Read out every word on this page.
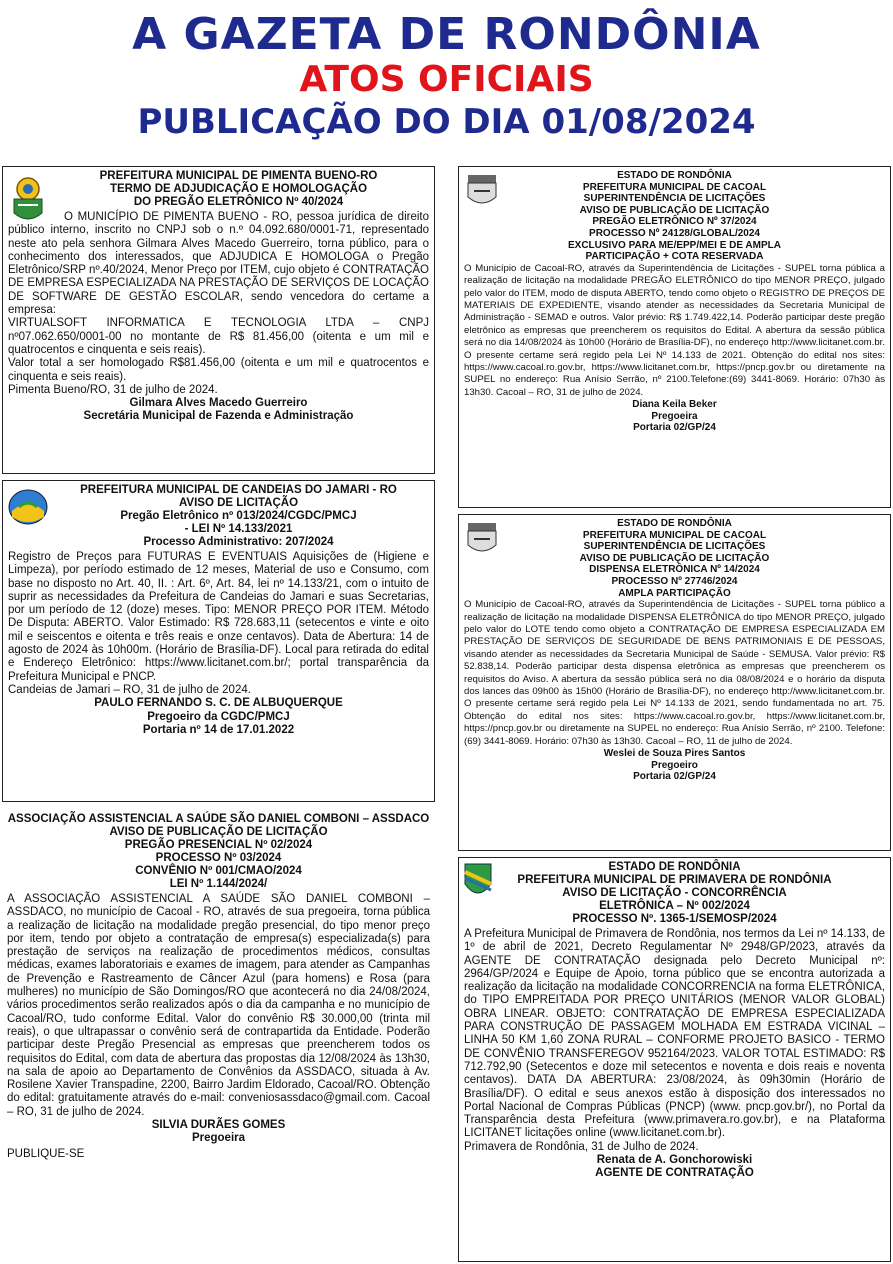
A GAZETA DE RONDÔNIA
ATOS OFICIAIS
PUBLICAÇÃO DO DIA 01/08/2024
PREFEITURA MUNICIPAL DE PIMENTA BUENO-RO
TERMO DE ADJUDICAÇÃO E HOMOLOGAÇÃO
DO PREGÃO ELETRÔNICO Nº 40/2024

O MUNICÍPIO DE PIMENTA BUENO - RO, pessoa jurídica de direito público interno, inscrito no CNPJ sob o n.º 04.092.680/0001-71, representado neste ato pela senhora Gilmara Alves Macedo Guerreiro, torna público, para o conhecimento dos interessados, que ADJUDICA E HOMOLOGA o Pregão Eletrônico/SRP nº.40/2024, Menor Preço por ITEM, cujo objeto é CONTRATAÇÃO DE EMPRESA ESPECIALIZADA NA PRESTAÇÃO DE SERVIÇOS DE LOCAÇÃO DE SOFTWARE DE GESTÃO ESCOLAR, sendo vencedora do certame a empresa:

VIRTUALSOFT INFORMATICA E TECNOLOGIA LTDA – CNPJ nº07.062.650/0001-00 no montante de R$ 81.456,00 (oitenta e um mil e quatrocentos e cinquenta e seis reais).

Valor total a ser homologado R$81.456,00 (oitenta e um mil e quatrocentos e cinquenta e seis reais).

Pimenta Bueno/RO, 31 de julho de 2024.

Gilmara Alves Macedo Guerreiro
Secretária Municipal de Fazenda e Administração
PREFEITURA MUNICIPAL DE CANDEIAS DO JAMARI - RO
AVISO DE LICITAÇÃO
Pregão Eletrônico nº 013/2024/CGDC/PMCJ
- LEI Nº 14.133/2021
Processo Administrativo: 207/2024

Registro de Preços para FUTURAS E EVENTUAIS Aquisições de (Higiene e Limpeza), por período estimado de 12 meses, Material de uso e Consumo, com base no disposto no Art. 40, II. : Art. 6º, Art. 84, lei nº 14.133/21, com o intuito de suprir as necessidades da Prefeitura de Candeias do Jamari e suas Secretarias, por um período de 12 (doze) meses. Tipo: MENOR PREÇO POR ITEM. Método De Disputa: ABERTO. Valor Estimado: R$ 728.683,11 (setecentos e vinte e oito mil e seiscentos e oitenta e três reais e onze centavos). Data de Abertura: 14 de agosto de 2024 às 10h00m. (Horário de Brasília-DF). Local para retirada do edital e Endereço Eletrônico: https://www.licitanet.com.br/; portal transparência da Prefeitura Municipal e PNCP.

Candeias de Jamari – RO, 31 de julho de 2024.

PAULO FERNANDO S. C. DE ALBUQUERQUE
Pregoeiro da CGDC/PMCJ
Portaria nº 14 de 17.01.2022
ASSOCIAÇÃO ASSISTENCIAL A SAÚDE SÃO DANIEL COMBONI – ASSDACO
AVISO DE PUBLICAÇÃO DE LICITAÇÃO
PREGÃO PRESENCIAL Nº 02/2024
PROCESSO Nº 03/2024
CONVÊNIO Nº 001/CMAO/2024
LEI Nº 1.144/2024/

A ASSOCIAÇÃO ASSISTENCIAL A SAÚDE SÃO DANIEL COMBONI – ASSDACO, no município de Cacoal - RO, através de sua pregoeira, torna pública a realização de licitação na modalidade pregão presencial, do tipo menor preço por item, tendo por objeto a contratação de empresa(s) especializada(s) para prestação de serviços na realização de procedimentos médicos, consultas médicas, exames laboratoriais e exames de imagem, para atender as Campanhas de Prevenção e Rastreamento de Câncer Azul (para homens) e Rosa (para mulheres) no município de São Domingos/RO que acontecerá no dia 24/08/2024, vários procedimentos serão realizados após o dia da campanha e no município de Cacoal/RO, tudo conforme Edital. Valor do convênio R$ 30.000,00 (trinta mil reais), o que ultrapassar o convênio será de contrapartida da Entidade. Poderão participar deste Pregão Presencial as empresas que preencherem todos os requisitos do Edital, com data de abertura das propostas dia 12/08/2024 às 13h30, na sala de apoio ao Departamento de Convênios da ASSDACO, situada à Av. Rosilene Xavier Transpadine, 2200, Bairro Jardim Eldorado, Cacoal/RO. Obtenção do edital: gratuitamente através do e-mail: conveniosassdaco@gmail.com. Cacoal – RO, 31 de julho de 2024.

SILVIA DURÃES GOMES
Pregoeira
PUBLIQUE-SE
ESTADO DE RONDÔNIA
PREFEITURA MUNICIPAL DE CACOAL
SUPERINTENDÊNCIA DE LICITAÇÕES
AVISO DE PUBLICAÇÃO DE LICITAÇÃO
PREGÃO ELETRÔNICO Nº 37/2024
PROCESSO Nº 24128/GLOBAL/2024
EXCLUSIVO PARA ME/EPP/MEI E DE AMPLA
PARTICIPAÇÃO + COTA RESERVADA

O Município de Cacoal-RO, através da Superintendência de Licitações - SUPEL torna pública a realização de licitação na modalidade PREGÃO ELETRÔNICO do tipo MENOR PREÇO, julgado pelo valor do ITEM, modo de disputa ABERTO, tendo como objeto o REGISTRO DE PREÇOS DE MATERIAIS DE EXPEDIENTE, visando atender as necessidades da Secretaria Municipal de Administração - SEMAD e outros. Valor prévio: R$ 1.749.422,14. Poderão participar deste pregão eletrônico as empresas que preencherem os requisitos do Edital. A abertura da sessão pública será no dia 14/08/2024 às 10h00 (Horário de Brasília-DF), no endereço http://www.licitanet.com.br. O presente certame será regido pela Lei Nº 14.133 de 2021. Obtenção do edital nos sites: https://www.cacoal.ro.gov.br, https://www.licitanet.com.br, https://pncp.gov.br ou diretamente na SUPEL no endereço: Rua Anísio Serrão, nº 2100.Telefone:(69) 3441-8069. Horário: 07h30 às 13h30. Cacoal – RO, 31 de julho de 2024.

Diana Keila Beker
Pregoeira
Portaria 02/GP/24
ESTADO DE RONDÔNIA
PREFEITURA MUNICIPAL DE CACOAL
SUPERINTENDÊNCIA DE LICITAÇÕES
AVISO DE PUBLICAÇÃO DE LICITAÇÃO
DISPENSA ELETRÔNICA Nº 14/2024
PROCESSO Nº 27746/2024
AMPLA PARTICIPAÇÃO

O Município de Cacoal-RO, através da Superintendência de Licitações - SUPEL torna público a realização de licitação na modalidade DISPENSA ELETRÔNICA do tipo MENOR PREÇO, julgado pelo valor do LOTE tendo como objeto a CONTRATAÇÃO DE EMPRESA ESPECIALIZADA EM PRESTAÇÃO DE SERVIÇOS DE SEGURIDADE DE BENS PATRIMONIAIS E DE PESSOAS, visando atender as necessidades da Secretaria Municipal de Saúde - SEMUSA. Valor prévio: R$ 52.838,14. Poderão participar desta dispensa eletrônica as empresas que preencherem os requisitos do Aviso. A abertura da sessão pública será no dia 08/08/2024 e o horário da disputa dos lances das 09h00 às 15h00 (Horário de Brasília-DF), no endereço http://www.licitanet.com.br. O presente certame será regido pela Lei Nº 14.133 de 2021, sendo fundamentada no art. 75. Obtenção do edital nos sites: https://www.cacoal.ro.gov.br, https://www.licitanet.com.br, https://pncp.gov.br ou diretamente na SUPEL no endereço: Rua Anísio Serrão, nº 2100. Telefone: (69) 3441-8069. Horário: 07h30 às 13h30. Cacoal – RO, 11 de julho de 2024.

Weslei de Souza Pires Santos
Pregoeiro
Portaria 02/GP/24
ESTADO DE RONDÔNIA
PREFEITURA MUNICIPAL DE PRIMAVERA DE RONDÔNIA
AVISO DE LICITAÇÃO - CONCORRÊNCIA
ELETRÔNICA – Nº 002/2024
PROCESSO Nº. 1365-1/SEMOSP/2024

A Prefeitura Municipal de Primavera de Rondônia, nos termos da Lei nº 14.133, de 1º de abril de 2021, Decreto Regulamentar Nº 2948/GP/2023, através da AGENTE DE CONTRATAÇÃO designada pelo Decreto Municipal nº: 2964/GP/2024 e Equipe de Apoio, torna público que se encontra autorizada a realização da licitação na modalidade CONCORRENCIA na forma ELETRÔNICA, do TIPO EMPREITADA POR PREÇO UNITÁRIOS (MENOR VALOR GLOBAL) OBRA LINEAR. OBJETO: CONTRATAÇÃO DE EMPRESA ESPECIALIZADA PARA CONSTRUÇÃO DE PASSAGEM MOLHADA EM ESTRADA VICINAL – LINHA 50 KM 1,60 ZONA RURAL – CONFORME PROJETO BASICO - TERMO DE CONVÊNIO TRANSFEREGOV 952164/2023. VALOR TOTAL ESTIMADO: R$ 712.792,90 (Setecentos e doze mil setecentos e noventa e dois reais e noventa centavos). DATA DA ABERTURA: 23/08/2024, às 09h30min (Horário de Brasília/DF). O edital e seus anexos estão à disposição dos interessados no Portal Nacional de Compras Públicas (PNCP) (www. pncp.gov.br/), no Portal da Transparência desta Prefeitura (www.primavera.ro.gov.br), e na Plataforma LICITANET licitações online (www.licitanet.com.br).

Primavera de Rondônia, 31 de Julho de 2024.

Renata de A. Gonchorowiski
AGENTE DE CONTRATAÇÃO
